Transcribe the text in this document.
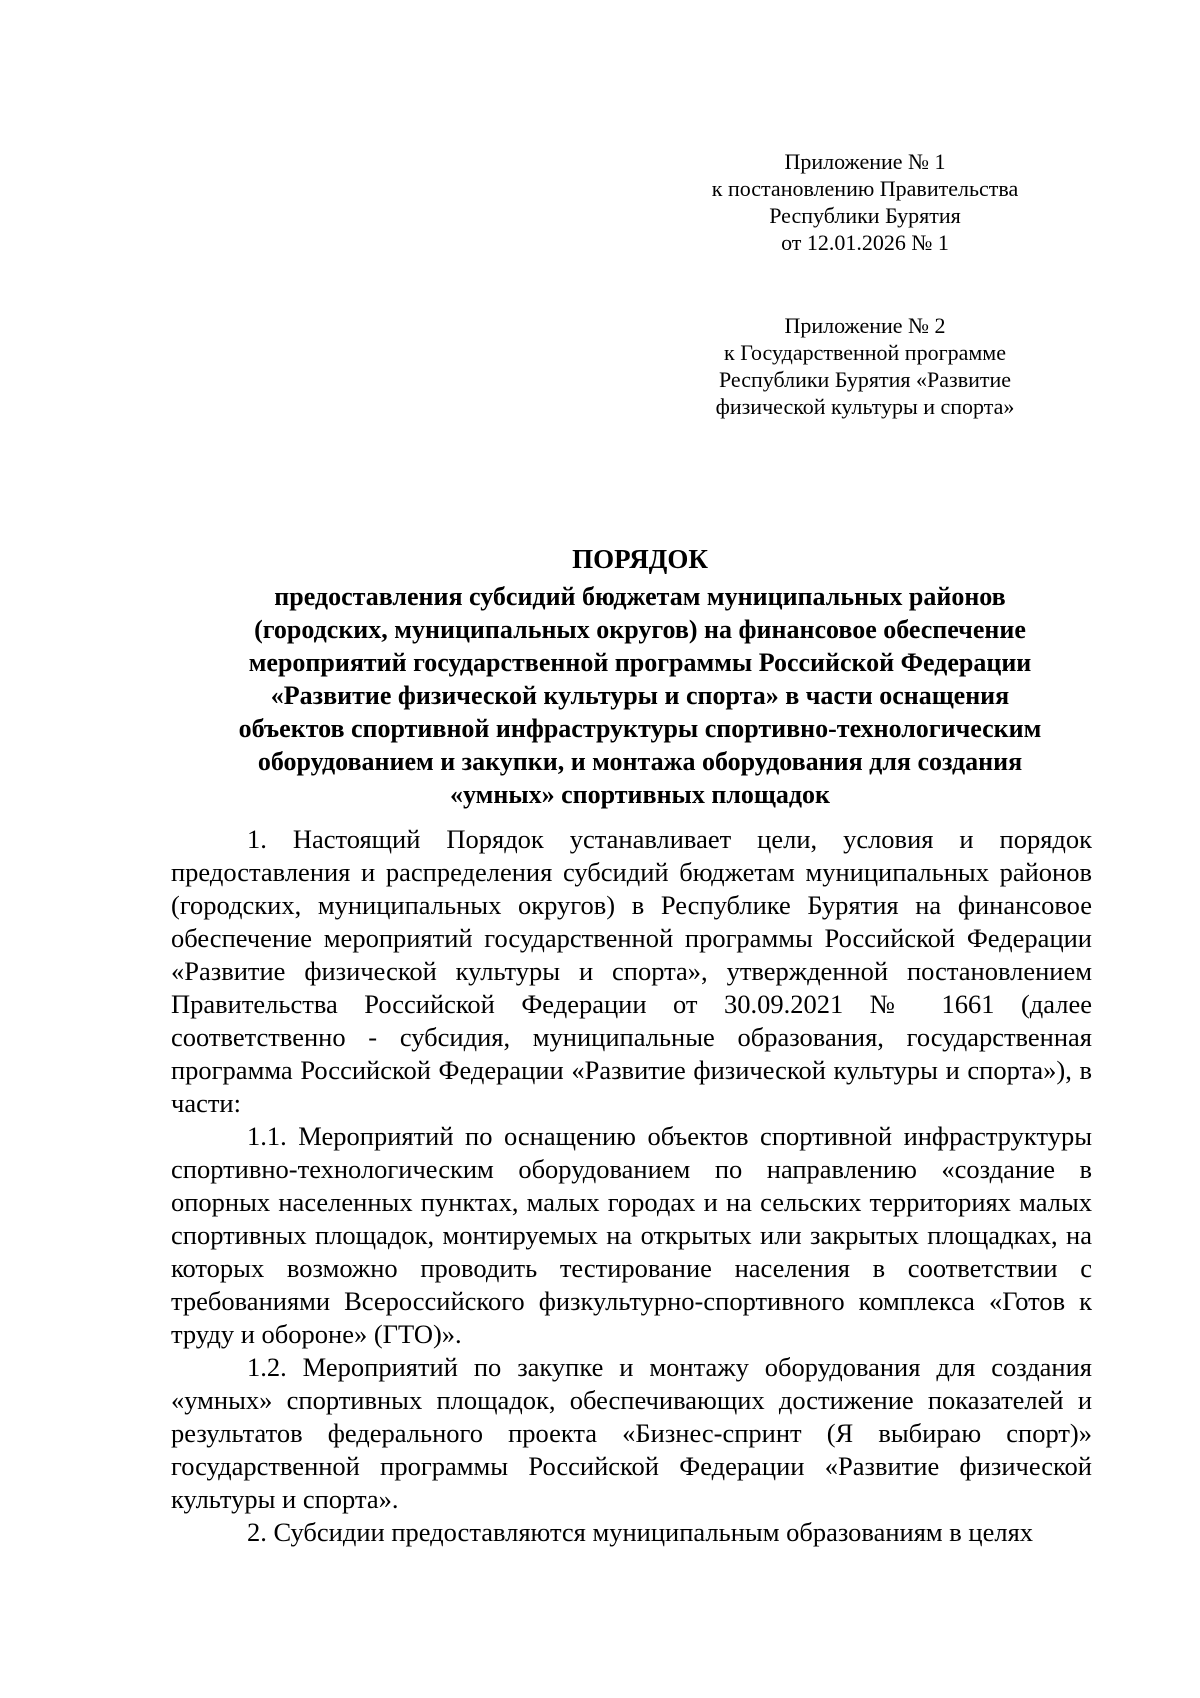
Приложение № 1
к постановлению Правительства
Республики Бурятия
от 12.01.2026 № 1
Приложение № 2
к Государственной программе
Республики Бурятия «Развитие
физической культуры и спорта»
ПОРЯДОК
предоставления субсидий бюджетам муниципальных районов
(городских, муниципальных округов) на финансовое обеспечение
мероприятий государственной программы Российской Федерации
«Развитие физической культуры и спорта» в части оснащения
объектов спортивной инфраструктуры спортивно-технологическим
оборудованием и закупки, и монтажа оборудования для создания
«умных» спортивных площадок

1. Настоящий Порядок устанавливает цели, условия и порядок предоставления и распределения субсидий бюджетам муниципальных районов (городских, муниципальных округов) в Республике Бурятия на финансовое обеспечение мероприятий государственной программы Российской Федерации «Развитие физической культуры и спорта», утвержденной постановлением Правительства Российской Федерации от 30.09.2021 № 1661 (далее соответственно - субсидия, муниципальные образования, государственная программа Российской Федерации «Развитие физической культуры и спорта»), в части:

1.1. Мероприятий по оснащению объектов спортивной инфраструктуры спортивно-технологическим оборудованием по направлению «создание в опорных населенных пунктах, малых городах и на сельских территориях малых спортивных площадок, монтируемых на открытых или закрытых площадках, на которых возможно проводить тестирование населения в соответствии с требованиями Всероссийского физкультурно-спортивного комплекса «Готов к труду и обороне» (ГТО)».

1.2. Мероприятий по закупке и монтажу оборудования для создания «умных» спортивных площадок, обеспечивающих достижение показателей и результатов федерального проекта «Бизнес-спринт (Я выбираю спорт)» государственной программы Российской Федерации «Развитие физической культуры и спорта».

2. Субсидии предоставляются муниципальным образованиям в целях
